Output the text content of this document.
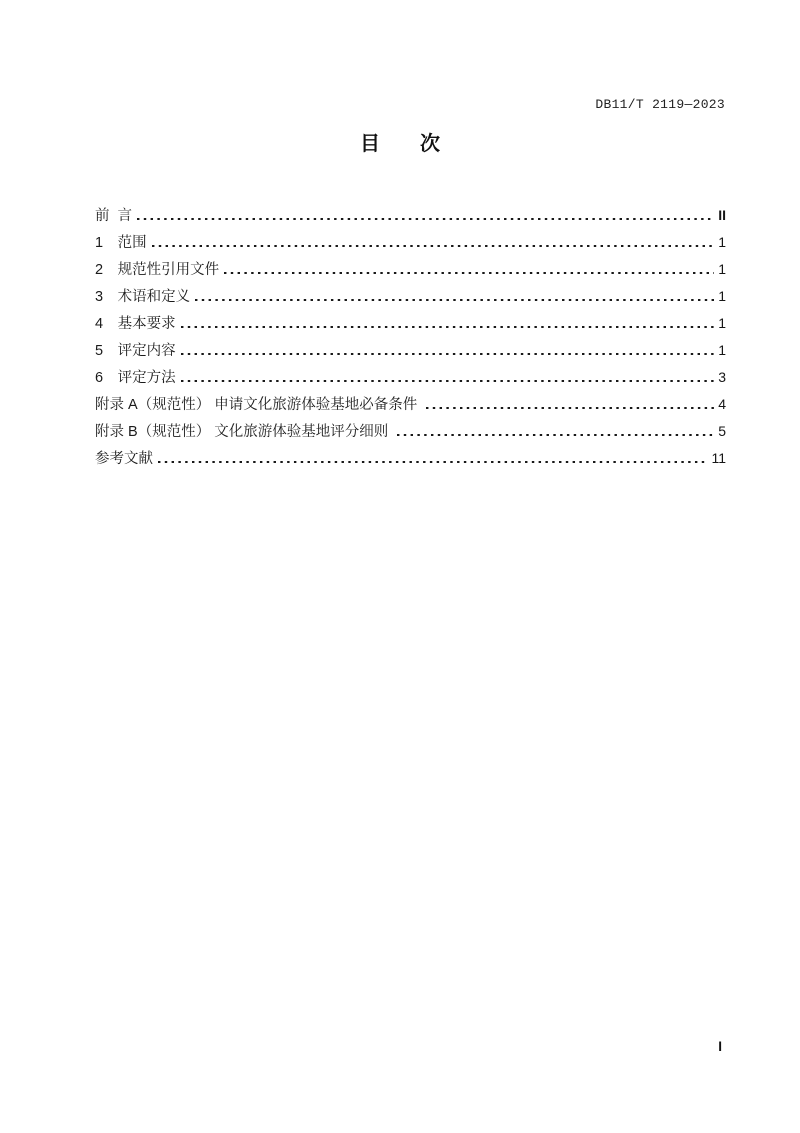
DB11/T 2119—2023
目　　次
前  言	II
1　范围	1
2　规范性引用文件	1
3　术语和定义	1
4　基本要求	1
5　评定内容	1
6　评定方法	3
附录 A（规范性） 申请文化旅游体验基地必备条件	4
附录 B（规范性） 文化旅游体验基地评分细则	5
参考文献	11
I
